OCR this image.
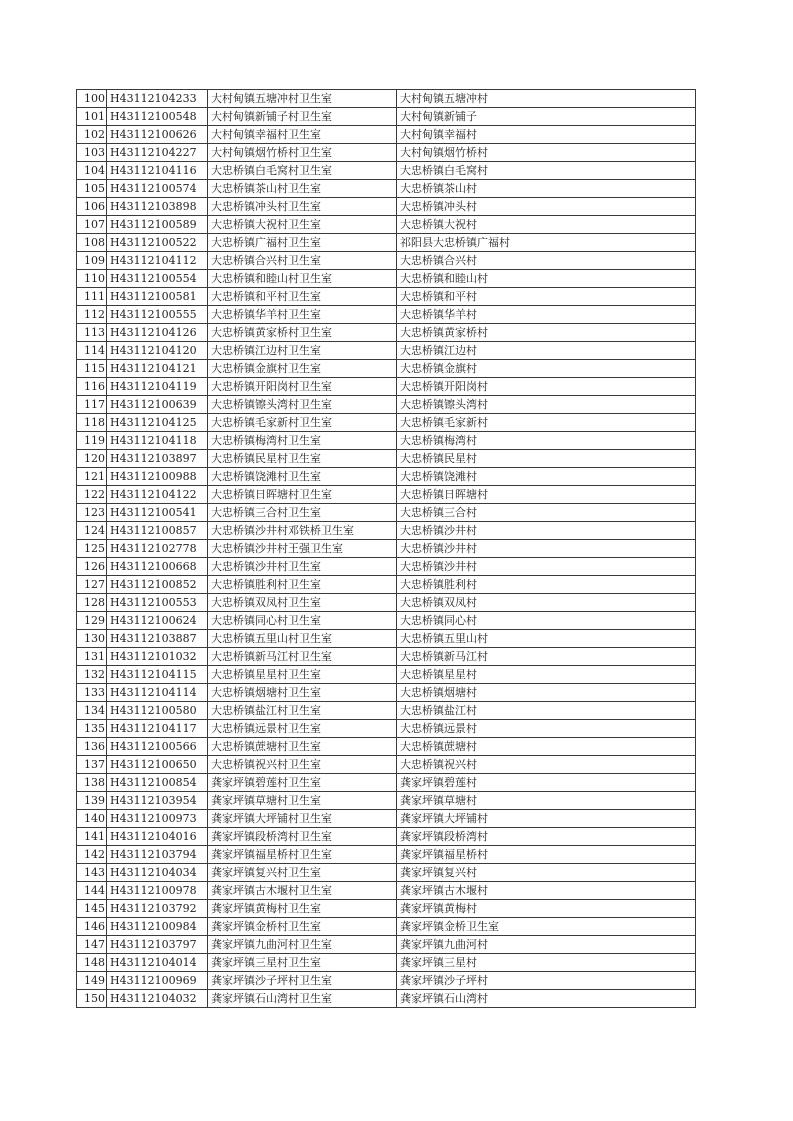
100	H43112104233	大村甸镇五塘冲村卫生室	大村甸镇五塘冲村
101	H43112100548	大村甸镇新铺子村卫生室	大村甸镇新铺子
102	H43112100626	大村甸镇幸福村卫生室	大村甸镇幸福村
103	H43112104227	大村甸镇烟竹桥村卫生室	大村甸镇烟竹桥村
104	H43112104116	大忠桥镇白毛窝村卫生室	大忠桥镇白毛窝村
105	H43112100574	大忠桥镇茶山村卫生室	大忠桥镇茶山村
106	H43112103898	大忠桥镇冲头村卫生室	大忠桥镇冲头村
107	H43112100589	大忠桥镇大祝村卫生室	大忠桥镇大祝村
108	H43112100522	大忠桥镇广福村卫生室	祁阳县大忠桥镇广福村
109	H43112104112	大忠桥镇合兴村卫生室	大忠桥镇合兴村
110	H43112100554	大忠桥镇和睦山村卫生室	大忠桥镇和睦山村
111	H43112100581	大忠桥镇和平村卫生室	大忠桥镇和平村
112	H43112100555	大忠桥镇华羊村卫生室	大忠桥镇华羊村
113	H43112104126	大忠桥镇黄家桥村卫生室	大忠桥镇黄家桥村
114	H43112104120	大忠桥镇江边村卫生室	大忠桥镇江边村
115	H43112104121	大忠桥镇金旗村卫生室	大忠桥镇金旗村
116	H43112104119	大忠桥镇开阳岗村卫生室	大忠桥镇开阳岗村
117	H43112100639	大忠桥镇镲头湾村卫生室	大忠桥镇镲头湾村
118	H43112104125	大忠桥镇毛家新村卫生室	大忠桥镇毛家新村
119	H43112104118	大忠桥镇梅湾村卫生室	大忠桥镇梅湾村
120	H43112103897	大忠桥镇民星村卫生室	大忠桥镇民星村
121	H43112100988	大忠桥镇饶滩村卫生室	大忠桥镇饶滩村
122	H43112104122	大忠桥镇日晖塘村卫生室	大忠桥镇日晖塘村
123	H43112100541	大忠桥镇三合村卫生室	大忠桥镇三合村
124	H43112100857	大忠桥镇沙井村邓铁桥卫生室	大忠桥镇沙井村
125	H43112102778	大忠桥镇沙井村王强卫生室	大忠桥镇沙井村
126	H43112100668	大忠桥镇沙井村卫生室	大忠桥镇沙井村
127	H43112100852	大忠桥镇胜利村卫生室	大忠桥镇胜利村
128	H43112100553	大忠桥镇双凤村卫生室	大忠桥镇双凤村
129	H43112100624	大忠桥镇同心村卫生室	大忠桥镇同心村
130	H43112103887	大忠桥镇五里山村卫生室	大忠桥镇五里山村
131	H43112101032	大忠桥镇新马江村卫生室	大忠桥镇新马江村
132	H43112104115	大忠桥镇星星村卫生室	大忠桥镇星星村
133	H43112104114	大忠桥镇烟塘村卫生室	大忠桥镇烟塘村
134	H43112100580	大忠桥镇盐江村卫生室	大忠桥镇盐江村
135	H43112104117	大忠桥镇远景村卫生室	大忠桥镇远景村
136	H43112100566	大忠桥镇蔗塘村卫生室	大忠桥镇蔗塘村
137	H43112100650	大忠桥镇祝兴村卫生室	大忠桥镇祝兴村
138	H43112100854	龚家坪镇碧莲村卫生室	龚家坪镇碧莲村
139	H43112103954	龚家坪镇草塘村卫生室	龚家坪镇草塘村
140	H43112100973	龚家坪镇大坪铺村卫生室	龚家坪镇大坪铺村
141	H43112104016	龚家坪镇段桥湾村卫生室	龚家坪镇段桥湾村
142	H43112103794	龚家坪镇福星桥村卫生室	龚家坪镇福星桥村
143	H43112104034	龚家坪镇复兴村卫生室	龚家坪镇复兴村
144	H43112100978	龚家坪镇古木堰村卫生室	龚家坪镇古木堰村
145	H43112103792	龚家坪镇黄梅村卫生室	龚家坪镇黄梅村
146	H43112100984	龚家坪镇金桥村卫生室	龚家坪镇金桥卫生室
147	H43112103797	龚家坪镇九曲河村卫生室	龚家坪镇九曲河村
148	H43112104014	龚家坪镇三星村卫生室	龚家坪镇三星村
149	H43112100969	龚家坪镇沙子坪村卫生室	龚家坪镇沙子坪村
150	H43112104032	龚家坪镇石山湾村卫生室	龚家坪镇石山湾村
